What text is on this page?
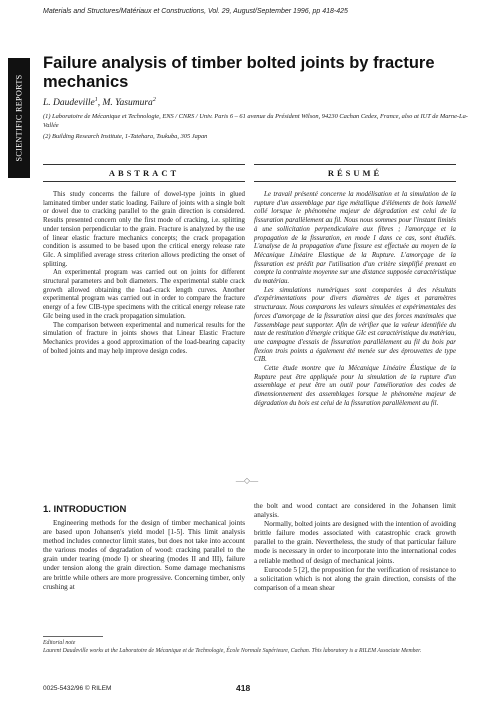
Materials and Structures/Matériaux et Constructions, Vol. 29, August/September 1996, pp 418-425
SCIENTIFIC REPORTS
Failure analysis of timber bolted joints by fracture mechanics
L. Daudeville$^1$, M. Yasumura$^2$
(1) Laboratoire de Mécanique et Technologie, ENS / CNRS / Univ. Paris 6 – 61 avenue du Président Wilson, 94230 Cachan Cedex, France, also at IUT de Marne-La-Vallée
(2) Building Research Institute, 1-Tatehara, Tsukuba, 305 Japan
ABSTRACT

This study concerns the failure of dowel-type joints in glued laminated timber under static loading. Failure of joints with a single bolt or dowel due to cracking parallel to the grain direction is considered. Results presented concern only the first mode of cracking, i.e. splitting under tension perpendicular to the grain. Fracture is analyzed by the use of linear elastic fracture mechanics concepts; the crack propagation condition is assumed to be based upon the critical energy release rate GIc. A simplified average stress criterion allows predicting the onset of splitting.

An experimental program was carried out on joints for different structural parameters and bolt diameters. The experimental stable crack growth allowed obtaining the load–crack length curves. Another experimental program was carried out in order to compare the fracture energy of a few CIB-type specimens with the critical energy release rate GIc being used in the crack propagation simulation.

The comparison between experimental and numerical results for the simulation of fracture in joints shows that Linear Elastic Fracture Mechanics provides a good approximation of the load-bearing capacity of bolted joints and may help improve design codes.

RÉSUMÉ

Le travail présenté concerne la modélisation et la simulation de la rupture d'un assemblage par tige métallique d'éléments de bois lamellé collé lorsque le phénomène majeur de dégradation est celui de la fissuration parallèlement au fil. Nous nous sommes pour l'instant limités à une sollicitation perpendiculaire aux fibres ; l'amorçage et la propagation de la fissuration, en mode I dans ce cas, sont étudiés. L'analyse de la propagation d'une fissure est effectuée au moyen de la Mécanique Linéaire Elastique de la Rupture. L'amorçage de la fissuration est prédit par l'utilisation d'un critère simplifié prenant en compte la contrainte moyenne sur une distance supposée caractéristique du matériau.

Les simulations numériques sont comparées à des résultats d'expérimentations pour divers diamètres de tiges et paramètres structuraux. Nous comparons les valeurs simulées et expérimentales des forces d'amorçage de la fissuration ainsi que des forces maximales que l'assemblage peut supporter. Afin de vérifier que la valeur identifiée du taux de restitution d'énergie critique GIc est caractéristique du matériau, une campagne d'essais de fissuration parallèlement au fil du bois par flexion trois points a également été menée sur des éprouvettes de type CIB.

Cette étude montre que la Mécanique Linéaire Élastique de la Rupture peut être appliquée pour la simulation de la rupture d'un assemblage et peut être un outil pour l'amélioration des codes de dimensionnement des assemblages lorsque le phénomène majeur de dégradation du bois est celui de la fissuration parallèlement au fil.

—◇—
1. INTRODUCTION

Engineering methods for the design of timber mechanical joints are based upon Johansen's yield model [1-5]. This limit analysis method includes connector limit states, but does not take into account the various modes of degradation of wood: cracking parallel to the grain under tearing (mode I) or shearing (modes II and III), failure under tension along the grain direction. Some damage mechanisms are brittle while others are more progressive. Concerning timber, only crushing at

the bolt and wood contact are considered in the Johansen limit analysis.

Normally, bolted joints are designed with the intention of avoiding brittle failure modes associated with catastrophic crack growth parallel to the grain. Nevertheless, the study of that particular failure mode is necessary in order to incorporate into the international codes a reliable method of design of mechanical joints.

Eurocode 5 [2], the proposition for the verification of resistance to a solicitation which is not along the grain direction, consists of the comparison of a mean shear

Editorial note
Laurent Daudeville works at the Laboratoire de Mécanique et de Technologie, École Normale Supérieure, Cachan. This laboratory is a RILEM Associate Member.
0025-5432/96 © RILEM	418
